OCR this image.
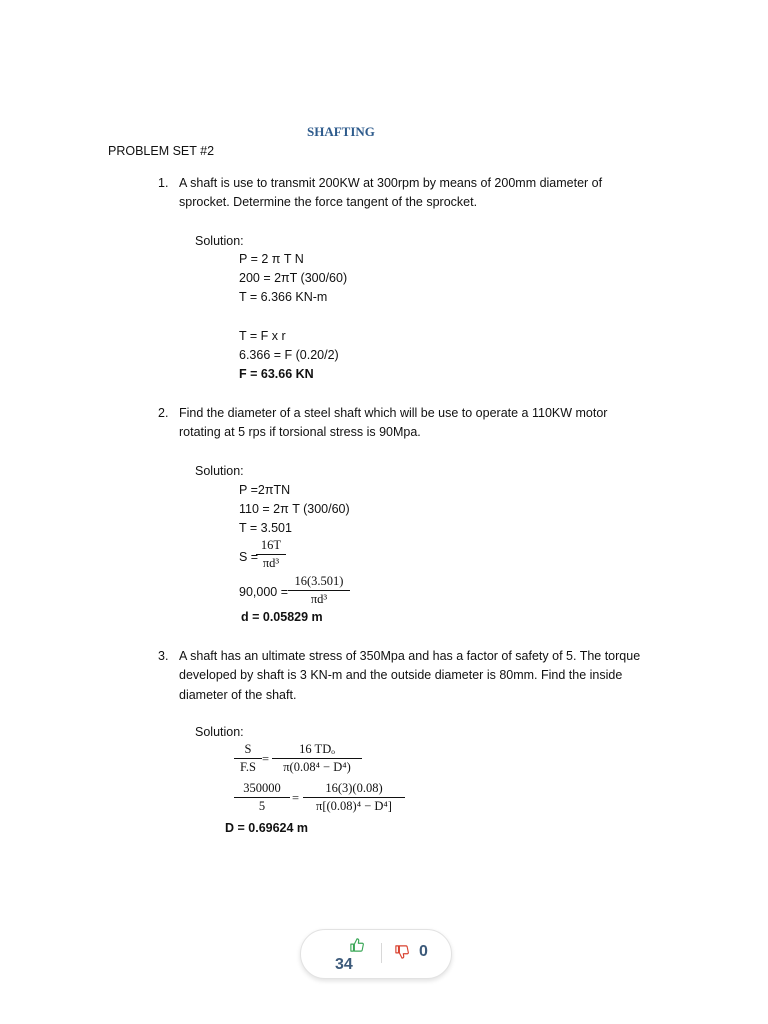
SHAFTING
PROBLEM SET #2
1. A shaft is use to transmit 200KW at 300rpm by means of 200mm diameter of
sprocket. Determine the force tangent of the sprocket.
Solution:
P = 2 π T N
200 = 2πT (300/60)
T = 6.366 KN-m
T = F x r
6.366 = F (0.20/2)
F = 63.66 KN
2. Find the diameter of a steel shaft which will be use to operate a 110KW motor
rotating at 5 rps if torsional stress is 90Mpa.
Solution:
P =2πTN
110 = 2π T (300/60)
T = 3.501
S =
$\frac{16T}{\text{πd³}}$
$90,000 = \frac{16(3.501)}{\text{πd³}}$
d = 0.05829 m
3. A shaft has an ultimate stress of 350Mpa and has a factor of safety of 5. The torque
developed by shaft is 3 KN-m and the outside diameter is 80mm. Find the inside
diameter of the shaft.
Solution:
$\frac{S}{F.S}$ =
16 TDₒ
π(0.08⁴ − D⁴)
$\frac{350000}{5} = \frac{16(3)(0.08)}{\text{π[(0.08)⁴ − D⁴]}}$
D = 0.69624 m
34
0
